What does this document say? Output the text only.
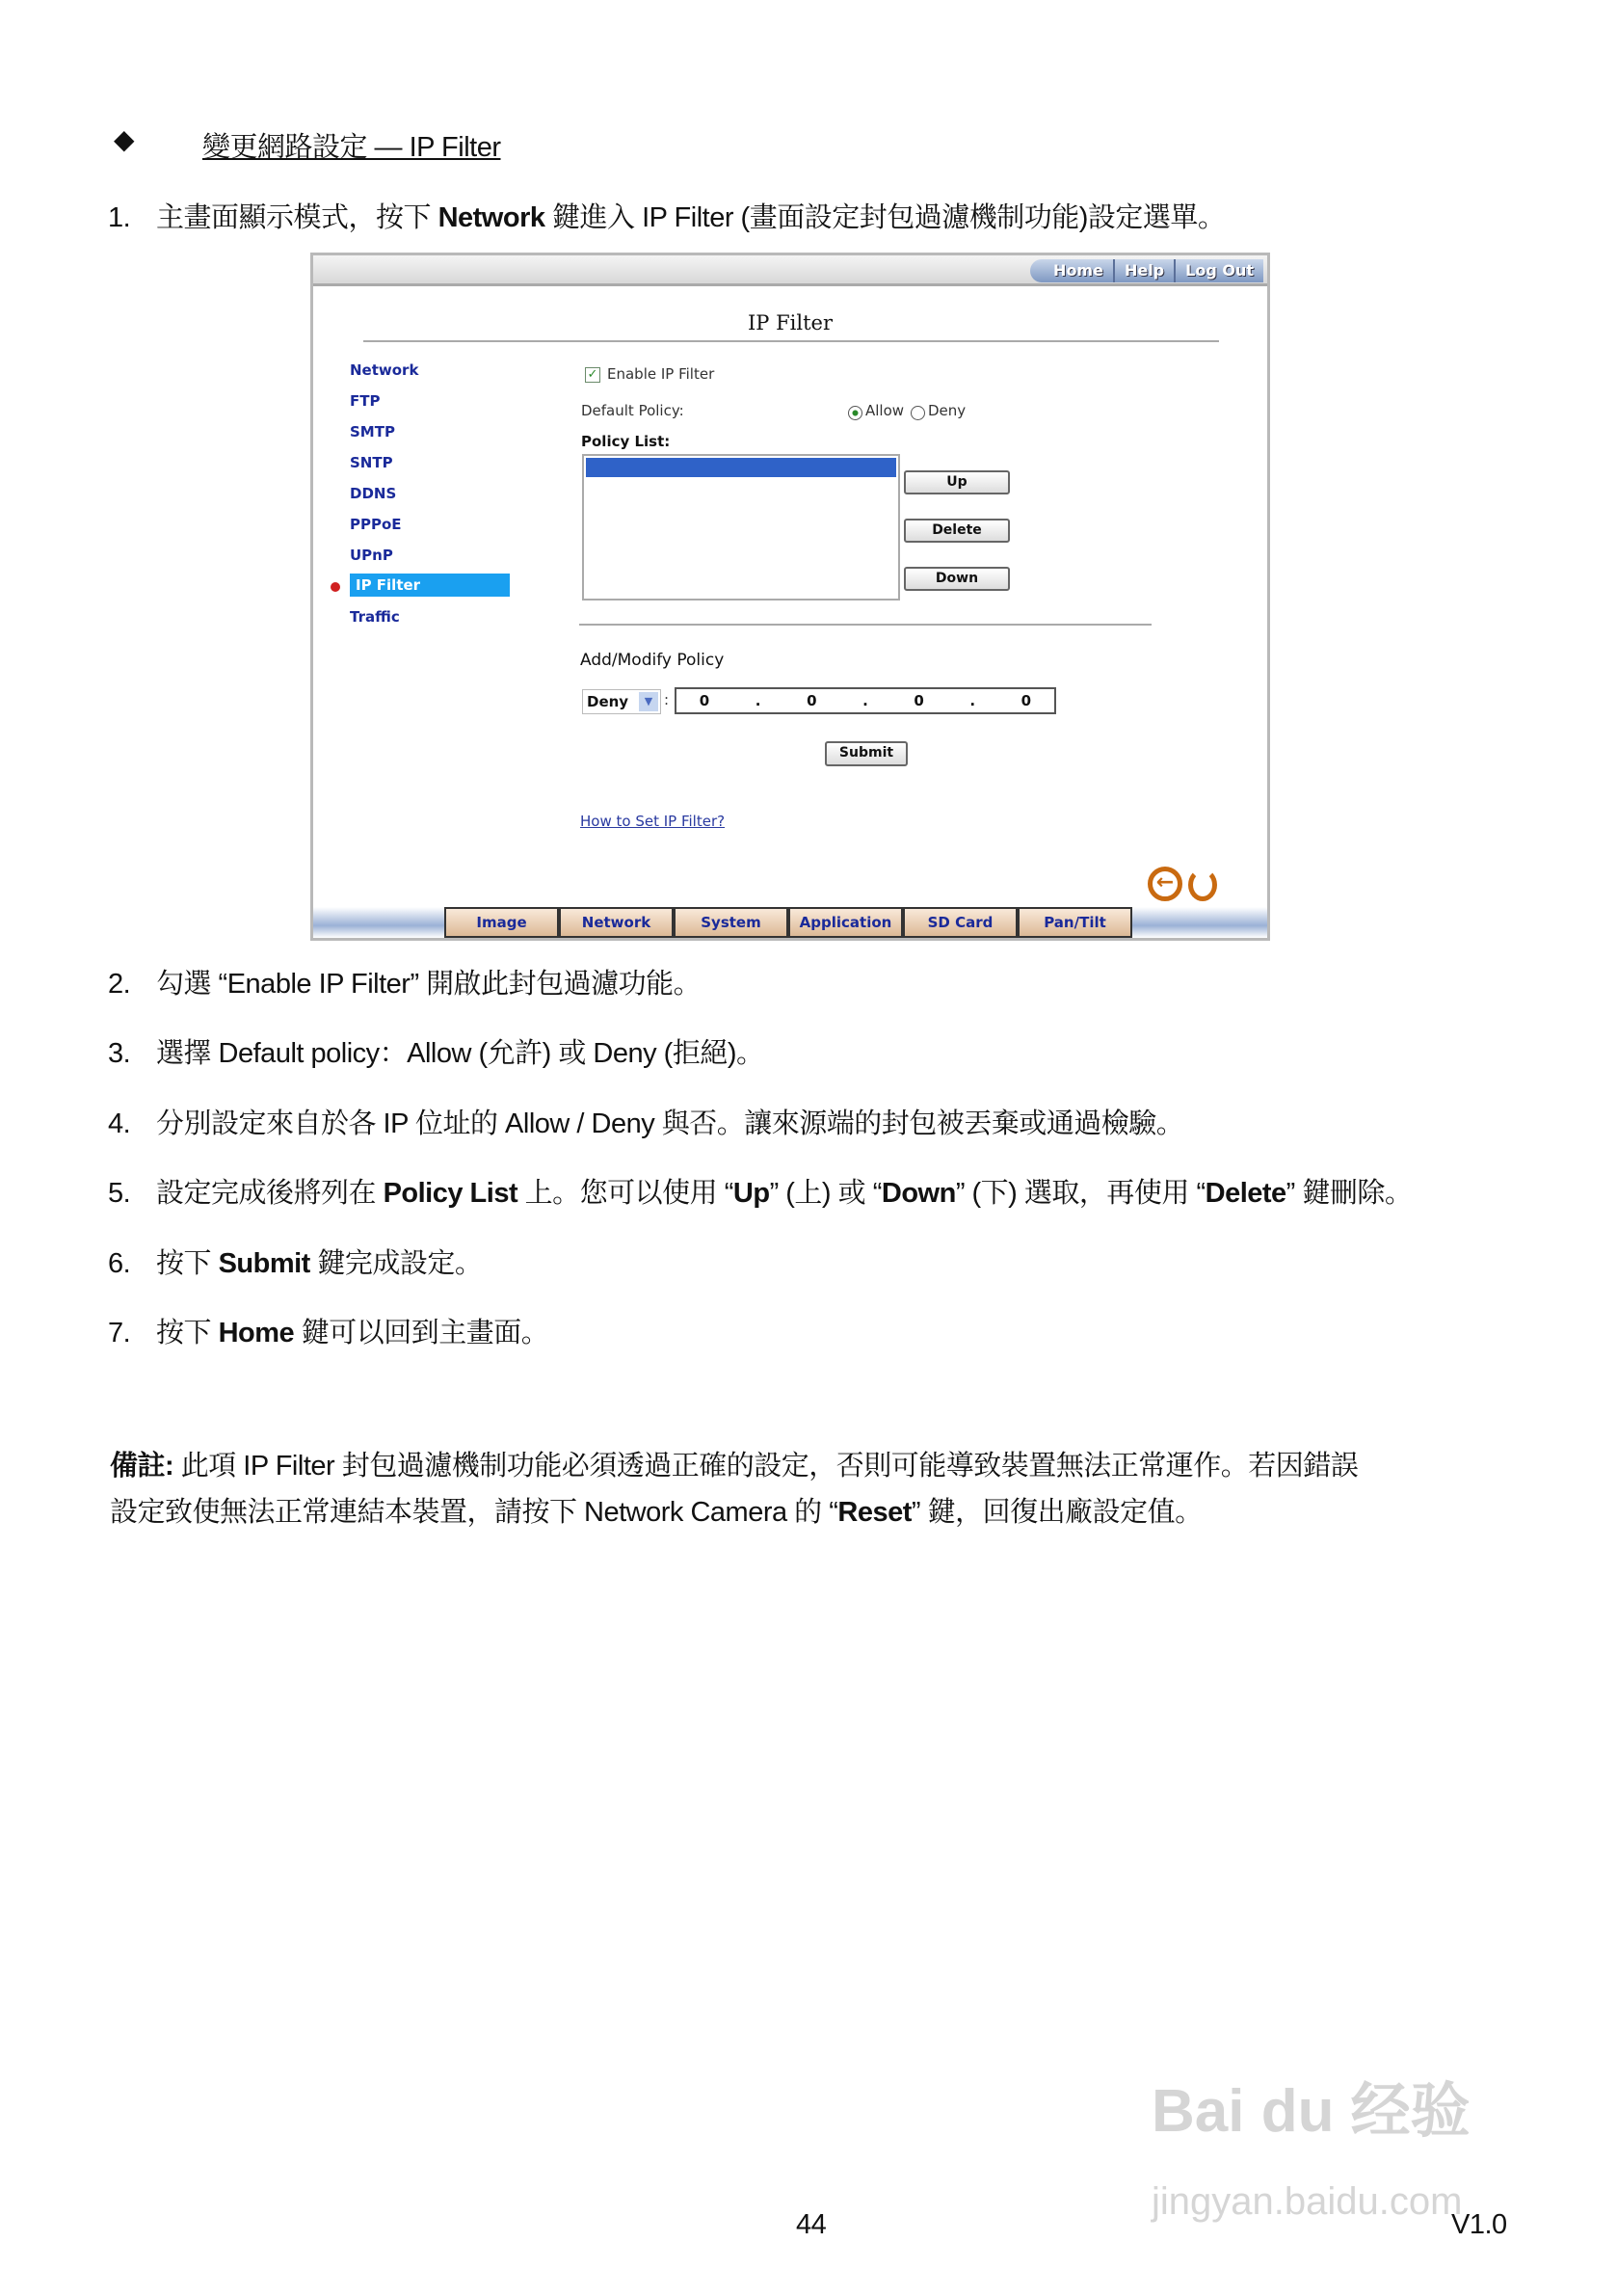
◆ 變更網路設定 — IP Filter
1. 主畫面顯示模式，按下 Network 鍵進入 IP Filter (畫面設定封包過濾機制功能)設定選單。
Home	Help	Log Out
IP Filter
Network
FTP
SMTP
SNTP
DDNS
PPPoE
UPnP
IP Filter
Traffic
✓ Enable IP Filter
Default Policy:	Allow Deny
Policy List:
Up
Delete
Down
Add/Modify Policy
Deny	▼ : 0	.	0	.	0	.	0
Submit
How to Set IP Filter?
←
Image	Network	System	Application	SD Card	Pan/Tilt
2. 勾選 “Enable IP Filter” 開啟此封包過濾功能。
3. 選擇 Default policy：Allow (允許) 或 Deny (拒絕)。
4. 分別設定來自於各 IP 位址的 Allow / Deny 與否。讓來源端的封包被丟棄或通過檢驗。
5. 設定完成後將列在 Policy List 上。您可以使用 “Up” (上) 或 “Down” (下) 選取，再使用 “Delete” 鍵刪除。
6. 按下 Submit 鍵完成設定。
7. 按下 Home 鍵可以回到主畫面。
備註: 此項 IP Filter 封包過濾機制功能必須透過正確的設定，否則可能導致裝置無法正常運作。若因錯誤
設定致使無法正常連結本裝置，請按下 Network Camera 的 “Reset” 鍵，回復出廠設定值。
Bai du 经验
jingyan.baidu.com
44	V1.0
